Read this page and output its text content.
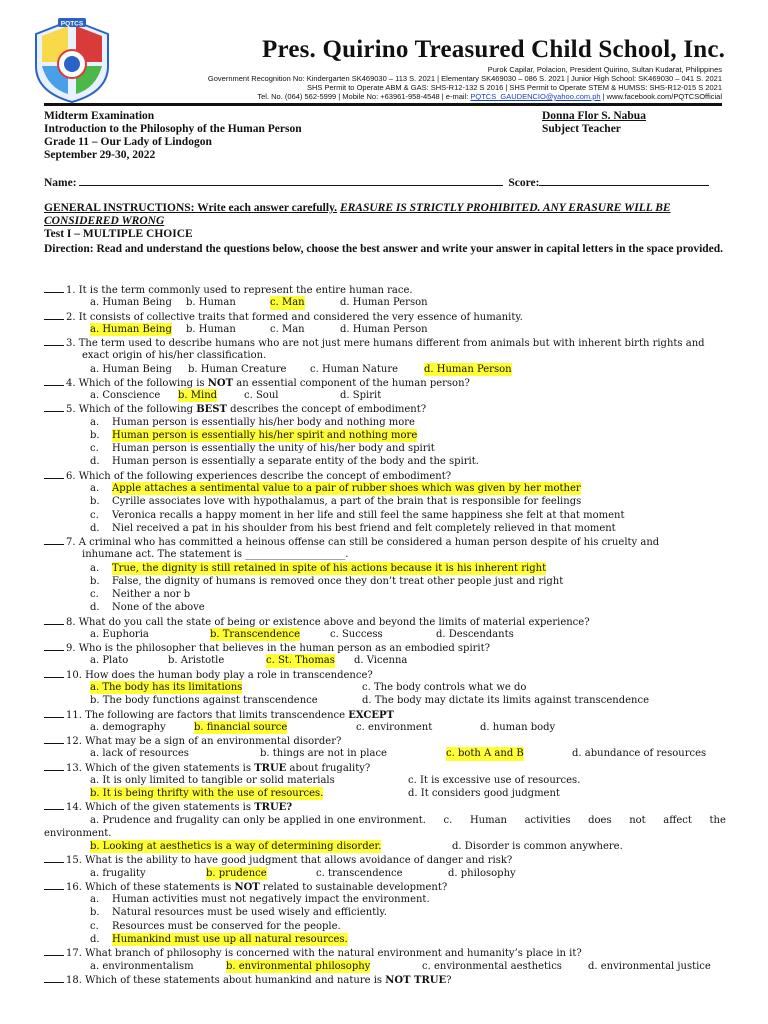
PQTCS
Pres. Quirino Treasured Child School, Inc.
Purok Capilar, Polacion, President Quirino, Sultan Kudarat, Philippines
Government Recognition No: Kindergarten SK469030 – 113 S. 2021 | Elementary SK469030 – 086 S. 2021 | Junior High School: SK469030 – 041 S. 2021
SHS Permit to Operate ABM & GAS: SHS-R12-132 S 2016 | SHS Permit to Operate STEM & HUMSS: SHS-R12-015 S 2021
Tel. No. (064) 562-5999 | Mobile No: +63961-958-4548 | e-mail: PQTCS_GAUDENCIO@yahoo.com.ph | www.facebook.com/PQTCSOfficial
Midterm Examination
Introduction to the Philosophy of the Human Person
Grade 11 – Our Lady of Lindogon
September 29-30, 2022
Donna Flor S. Nabua
Subject Teacher
Name:	Score:
GENERAL INSTRUCTIONS: Write each answer carefully. ERASURE IS STRICTLY PROHIBITED. ANY ERASURE WILL BE CONSIDERED WRONG
Test I – MULTIPLE CHOICE
Direction: Read and understand the questions below, choose the best answer and write your answer in capital letters in the space provided.
1. It is the term commonly used to represent the entire human race.
a. Human Being b. Human	c. Man	d. Human Person
2. It consists of collective traits that formed and considered the very essence of humanity.
a. Human Being b. Human	c. Man	d. Human Person
3. The term used to describe humans who are not just mere humans different from animals but with inherent birth rights and
exact origin of his/her classification.
a. Human Being b. Human Creature c. Human Nature	d. Human Person
4. Which of the following is NOT an essential component of the human person?
a. Conscience b. Mind	c. Soul	d. Spirit
5. Which of the following BEST describes the concept of embodiment?
a. Human person is essentially his/her body and nothing more
b. Human person is essentially his/her spirit and nothing more
c. Human person is essentially the unity of his/her body and spirit
d. Human person is essentially a separate entity of the body and the spirit.
6. Which of the following experiences describe the concept of embodiment?
a. Apple attaches a sentimental value to a pair of rubber shoes which was given by her mother
b. Cyrille associates love with hypothalamus, a part of the brain that is responsible for feelings
c. Veronica recalls a happy moment in her life and still feel the same happiness she felt at that moment
d. Niel received a pat in his shoulder from his best friend and felt completely relieved in that moment
7. A criminal who has committed a heinous offense can still be considered a human person despite of his cruelty and
inhumane act. The statement is ____________________.
a. True, the dignity is still retained in spite of his actions because it is his inherent right
b. False, the dignity of humans is removed once they don’t treat other people just and right
c. Neither a nor b
d. None of the above
8. What do you call the state of being or existence above and beyond the limits of material experience?
a. Euphoria	b. Transcendence	c. Success	d. Descendants
9. Who is the philosopher that believes in the human person as an embodied spirit?
a. Plato	b. Aristotle	c. St. Thomas d. Vicenna
10. How does the human body play a role in transcendence?
a. The body has its limitations	c. The body controls what we do
b. The body functions against transcendence	d. The body may dictate its limits against transcendence
11. The following are factors that limits transcendence EXCEPT
a. demography	b. financial source	c. environment	d. human body
12. What may be a sign of an environmental disorder?
a. lack of resources	b. things are not in place	c. both A and B	d. abundance of resources
13. Which of the given statements is TRUE about frugality?
a. It is only limited to tangible or solid materials	c. It is excessive use of resources.
b. It is being thrifty with the use of resources.	d. It considers good judgment
14. Which of the given statements is TRUE?
a. Prudence and frugality can only be applied in one environment. c. Human activities does not affect the
environment.
b. Looking at aesthetics is a way of determining disorder.	d. Disorder is common anywhere.
15. What is the ability to have good judgment that allows avoidance of danger and risk?
a. frugality	b. prudence	c. transcendence	d. philosophy
16. Which of these statements is NOT related to sustainable development?
a. Human activities must not negatively impact the environment.
b. Natural resources must be used wisely and efficiently.
c. Resources must be conserved for the people.
d. Humankind must use up all natural resources.
17. What branch of philosophy is concerned with the natural environment and humanity’s place in it?
a. environmentalism	b. environmental philosophy	c. environmental aesthetics	d. environmental justice
18. Which of these statements about humankind and nature is NOT TRUE?
